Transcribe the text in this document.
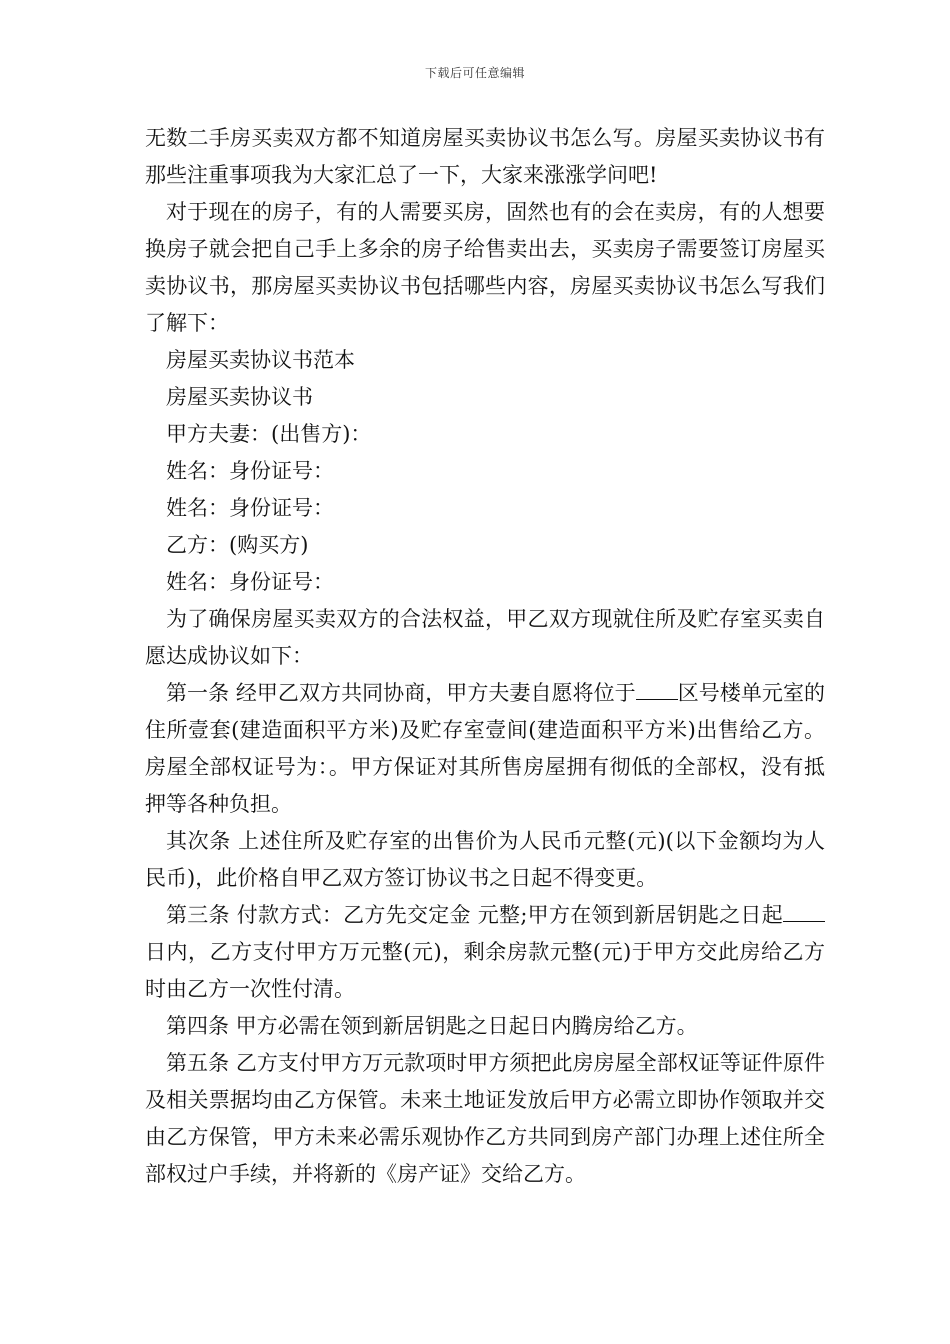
下载后可任意编辑

无数二手房买卖双方都不知道房屋买卖协议书怎么写。房屋买卖协议书有那些注重事项我为大家汇总了一下，大家来涨涨学问吧!

对于现在的房子，有的人需要买房，固然也有的会在卖房，有的人想要换房子就会把自己手上多余的房子给售卖出去，买卖房子需要签订房屋买卖协议书，那房屋买卖协议书包括哪些内容，房屋买卖协议书怎么写我们了解下：

房屋买卖协议书范本

房屋买卖协议书

甲方夫妻：(出售方)：

姓名：身份证号：

姓名：身份证号：

乙方：(购买方)

姓名：身份证号：

为了确保房屋买卖双方的合法权益，甲乙双方现就住所及贮存室买卖自愿达成协议如下：

第一条 经甲乙双方共同协商，甲方夫妻自愿将位于 区号楼单元室的住所壹套(建造面积平方米)及贮存室壹间(建造面积平方米)出售给乙方。房屋全部权证号为：。甲方保证对其所售房屋拥有彻低的全部权，没有抵押等各种负担。

其次条 上述住所及贮存室的出售价为人民币元整(元)(以下金额均为人民币)，此价格自甲乙双方签订协议书之日起不得变更。

第三条 付款方式：乙方先交定金 元整;甲方在领到新居钥匙之日起日内，乙方支付甲方万元整(元)，剩余房款元整(元)于甲方交此房给乙方时由乙方一次性付清。

第四条 甲方必需在领到新居钥匙之日起日内腾房给乙方。

第五条 乙方支付甲方万元款项时甲方须把此房房屋全部权证等证件原件及相关票据均由乙方保管。未来土地证发放后甲方必需立即协作领取并交由乙方保管，甲方未来必需乐观协作乙方共同到房产部门办理上述住所全部权过户手续，并将新的《房产证》交给乙方。
